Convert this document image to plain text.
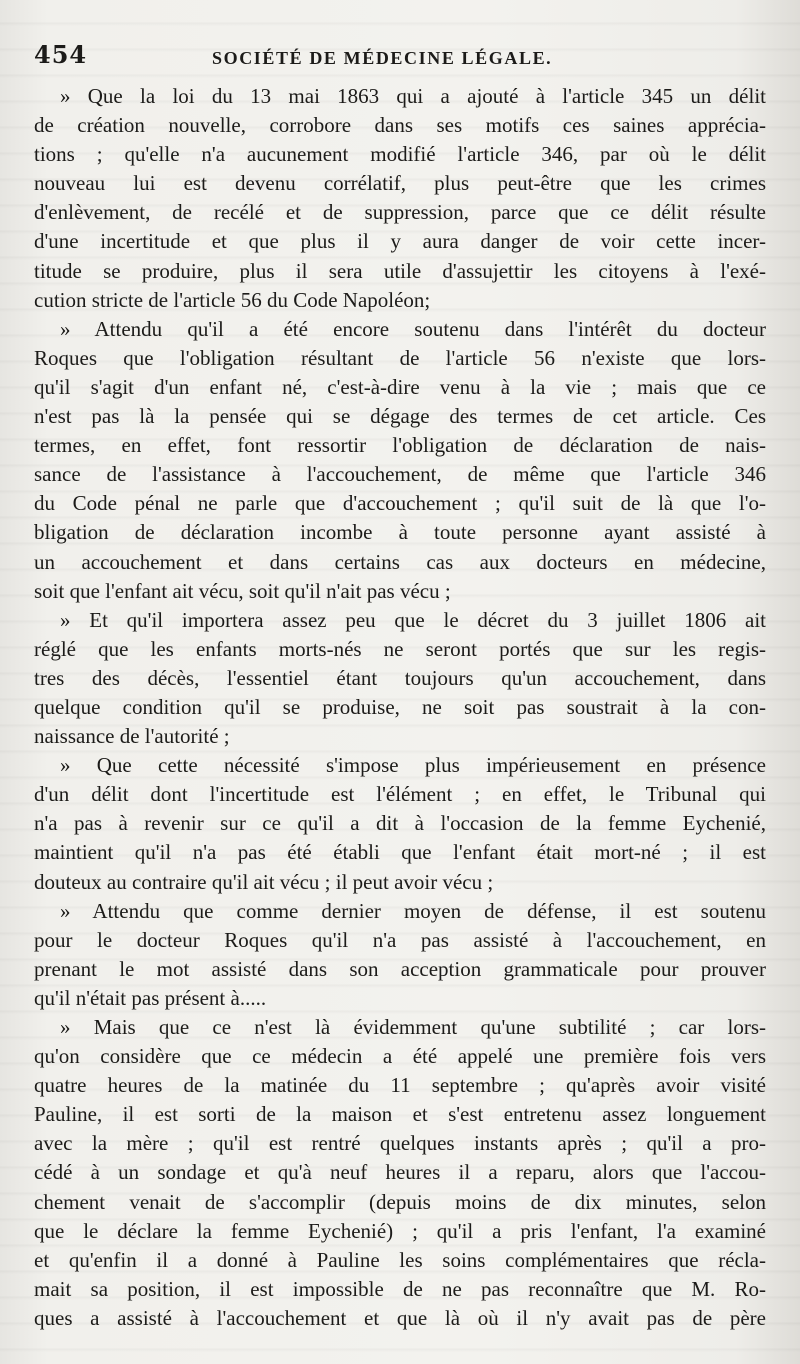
454	SOCIÉTÉ DE MÉDECINE LÉGALE.
» Que la loi du 13 mai 1863 qui a ajouté à l'article 345 un délit
de création nouvelle, corrobore dans ses motifs ces saines apprécia-
tions ; qu'elle n'a aucunement modifié l'article 346, par où le délit
nouveau lui est devenu corrélatif, plus peut-être que les crimes
d'enlèvement, de recélé et de suppression, parce que ce délit résulte
d'une incertitude et que plus il y aura danger de voir cette incer-
titude se produire, plus il sera utile d'assujettir les citoyens à l'exé-
cution stricte de l'article 56 du Code Napoléon;
» Attendu qu'il a été encore soutenu dans l'intérêt du docteur
Roques que l'obligation résultant de l'article 56 n'existe que lors-
qu'il s'agit d'un enfant né, c'est-à-dire venu à la vie ; mais que ce
n'est pas là la pensée qui se dégage des termes de cet article. Ces
termes, en effet, font ressortir l'obligation de déclaration de nais-
sance de l'assistance à l'accouchement, de même que l'article 346
du Code pénal ne parle que d'accouchement ; qu'il suit de là que l'o-
bligation de déclaration incombe à toute personne ayant assisté à
un accouchement et dans certains cas aux docteurs en médecine,
soit que l'enfant ait vécu, soit qu'il n'ait pas vécu ;
» Et qu'il importera assez peu que le décret du 3 juillet 1806 ait
réglé que les enfants morts-nés ne seront portés que sur les regis-
tres des décès, l'essentiel étant toujours qu'un accouchement, dans
quelque condition qu'il se produise, ne soit pas soustrait à la con-
naissance de l'autorité ;
» Que cette nécessité s'impose plus impérieusement en présence
d'un délit dont l'incertitude est l'élément ; en effet, le Tribunal qui
n'a pas à revenir sur ce qu'il a dit à l'occasion de la femme Eychenié,
maintient qu'il n'a pas été établi que l'enfant était mort-né ; il est
douteux au contraire qu'il ait vécu ; il peut avoir vécu ;
» Attendu que comme dernier moyen de défense, il est soutenu
pour le docteur Roques qu'il n'a pas assisté à l'accouchement, en
prenant le mot assisté dans son acception grammaticale pour prouver
qu'il n'était pas présent à.....
» Mais que ce n'est là évidemment qu'une subtilité ; car lors-
qu'on considère que ce médecin a été appelé une première fois vers
quatre heures de la matinée du 11 septembre ; qu'après avoir visité
Pauline, il est sorti de la maison et s'est entretenu assez longuement
avec la mère ; qu'il est rentré quelques instants après ; qu'il a pro-
cédé à un sondage et qu'à neuf heures il a reparu, alors que l'accou-
chement venait de s'accomplir (depuis moins de dix minutes, selon
que le déclare la femme Eychenié) ; qu'il a pris l'enfant, l'a examiné
et qu'enfin il a donné à Pauline les soins complémentaires que récla-
mait sa position, il est impossible de ne pas reconnaître que M. Ro-
ques a assisté à l'accouchement et que là où il n'y avait pas de père
